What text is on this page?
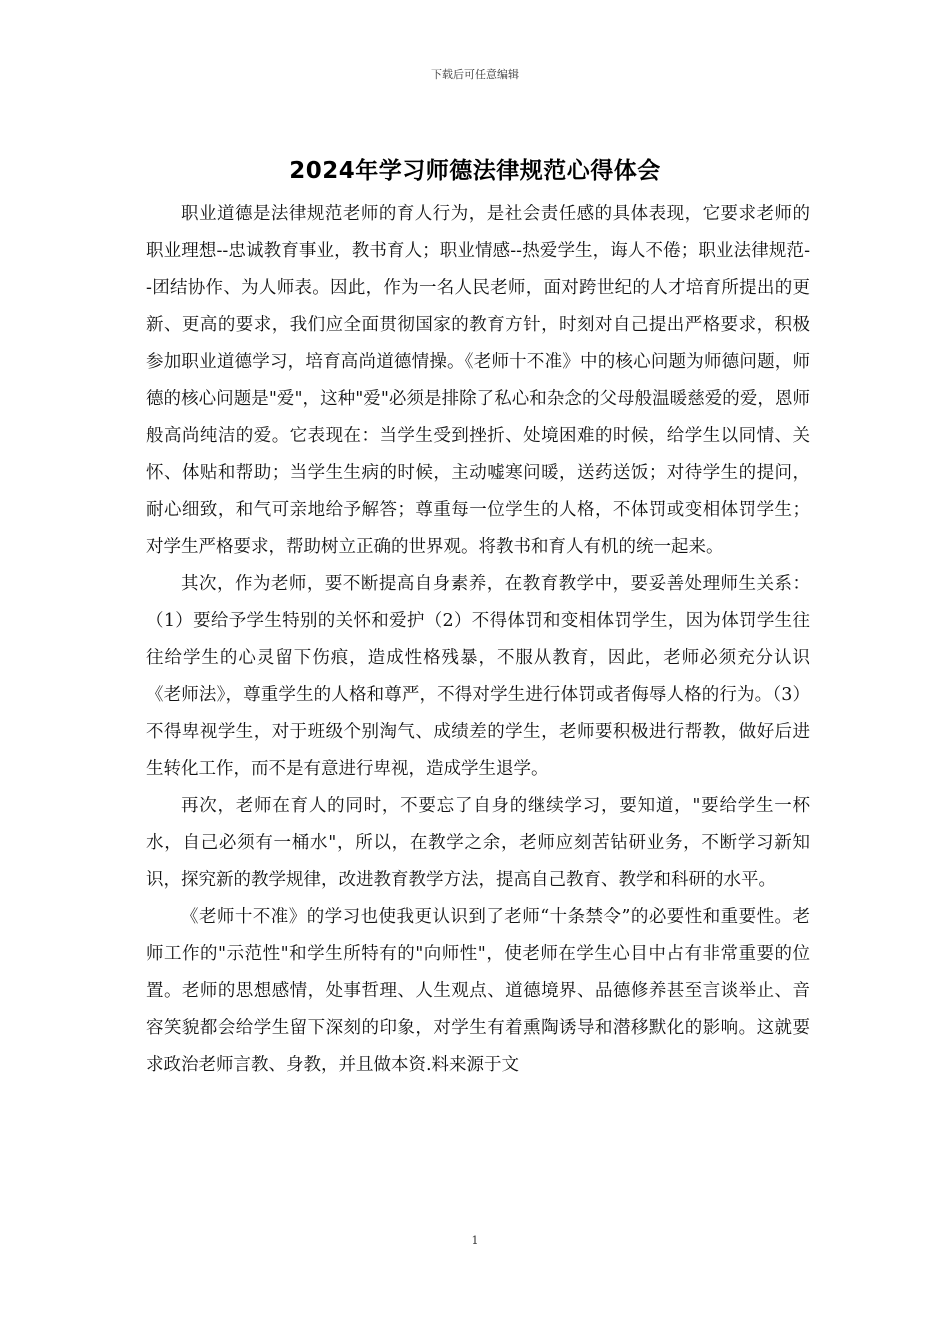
下载后可任意编辑
2024年学习师德法律规范心得体会

职业道德是法律规范老师的育人行为，是社会责任感的具体表现，它要求老师的职业理想--忠诚教育事业，教书育人；职业情感--热爱学生，诲人不倦；职业法律规范--团结协作、为人师表。因此，作为一名人民老师，面对跨世纪的人才培育所提出的更新、更高的要求，我们应全面贯彻国家的教育方针，时刻对自己提出严格要求，积极参加职业道德学习，培育高尚道德情操。《老师十不准》中的核心问题为师德问题，师德的核心问题是"爱"，这种"爱"必须是排除了私心和杂念的父母般温暖慈爱的爱，恩师般高尚纯洁的爱。它表现在：当学生受到挫折、处境困难的时候，给学生以同情、关怀、体贴和帮助；当学生生病的时候，主动嘘寒问暖，送药送饭；对待学生的提问，耐心细致，和气可亲地给予解答；尊重每一位学生的人格，不体罚或变相体罚学生；对学生严格要求，帮助树立正确的世界观。将教书和育人有机的统一起来。

其次，作为老师，要不断提高自身素养，在教育教学中，要妥善处理师生关系：（1）要给予学生特别的关怀和爱护（2）不得体罚和变相体罚学生，因为体罚学生往往给学生的心灵留下伤痕，造成性格残暴，不服从教育，因此，老师必须充分认识《老师法》，尊重学生的人格和尊严，不得对学生进行体罚或者侮辱人格的行为。（3）不得卑视学生，对于班级个别淘气、成绩差的学生，老师要积极进行帮教，做好后进生转化工作，而不是有意进行卑视，造成学生退学。

再次，老师在育人的同时，不要忘了自身的继续学习，要知道，"要给学生一杯水，自己必须有一桶水"，所以，在教学之余，老师应刻苦钻研业务，不断学习新知识，探究新的教学规律，改进教育教学方法，提高自己教育、教学和科研的水平。

《老师十不准》的学习也使我更认识到了老师“十条禁令”的必要性和重要性。老师工作的"示范性"和学生所特有的"向师性"，使老师在学生心目中占有非常重要的位置。老师的思想感情，处事哲理、人生观点、道德境界、品德修养甚至言谈举止、音容笑貌都会给学生留下深刻的印象，对学生有着熏陶诱导和潜移默化的影响。这就要求政治老师言教、身教，并且做本资.料来源于文

1
